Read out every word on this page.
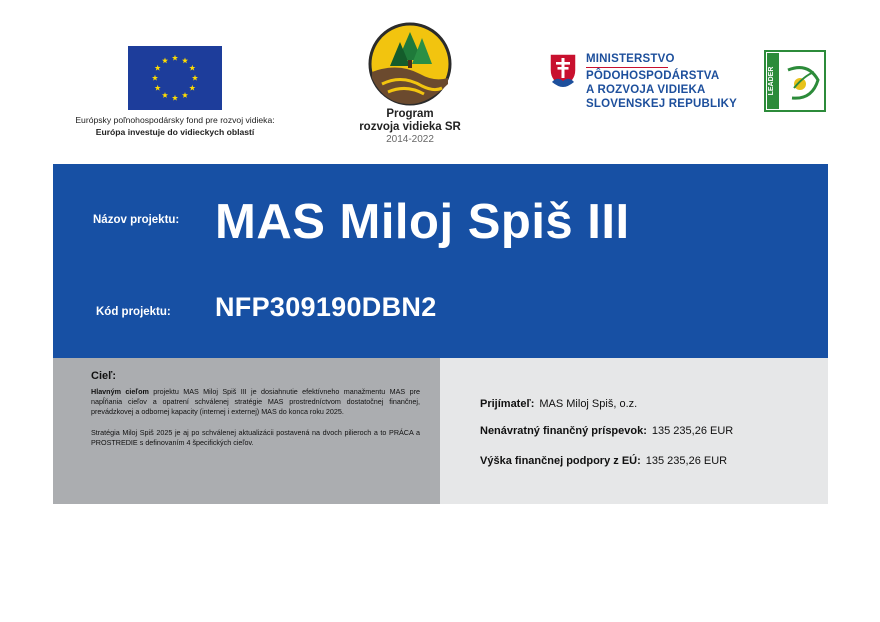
Európsky poľnohospodársky fond pre rozvoj vidieka:
Európa investuje do vidieckych oblastí
Program
rozvoja vidieka SR
2014-2022
MINISTERSTVO
PÔDOHOSPODÁRSTVA
A ROZVOJA VIDIEKA
SLOVENSKEJ REPUBLIKY
LEADER
Názov projektu: MAS Miloj Spiš III
Kód projektu: NFP309190DBN2
Cieľ:

Hlavným cieľom projektu MAS Miloj Spiš III je dosiahnutie efektívneho manažmentu MAS pre napĺňania cieľov a opatrení schválenej stratégie MAS prostredníctvom dostatočnej finančnej, prevádzkovej a odbornej kapacity (internej i externej) MAS do konca roku 2025.

Stratégia Miloj Spiš 2025 je aj po schválenej aktualizácii postavená na dvoch pilieroch a to PRÁCA a PROSTREDIE s definovaním 4 špecifických cieľov.

Prijímateľ: MAS Miloj Spiš, o.z.
Nenávratný finančný príspevok: 135 235,26 EUR
Výška finančnej podpory z EÚ: 135 235,26 EUR
